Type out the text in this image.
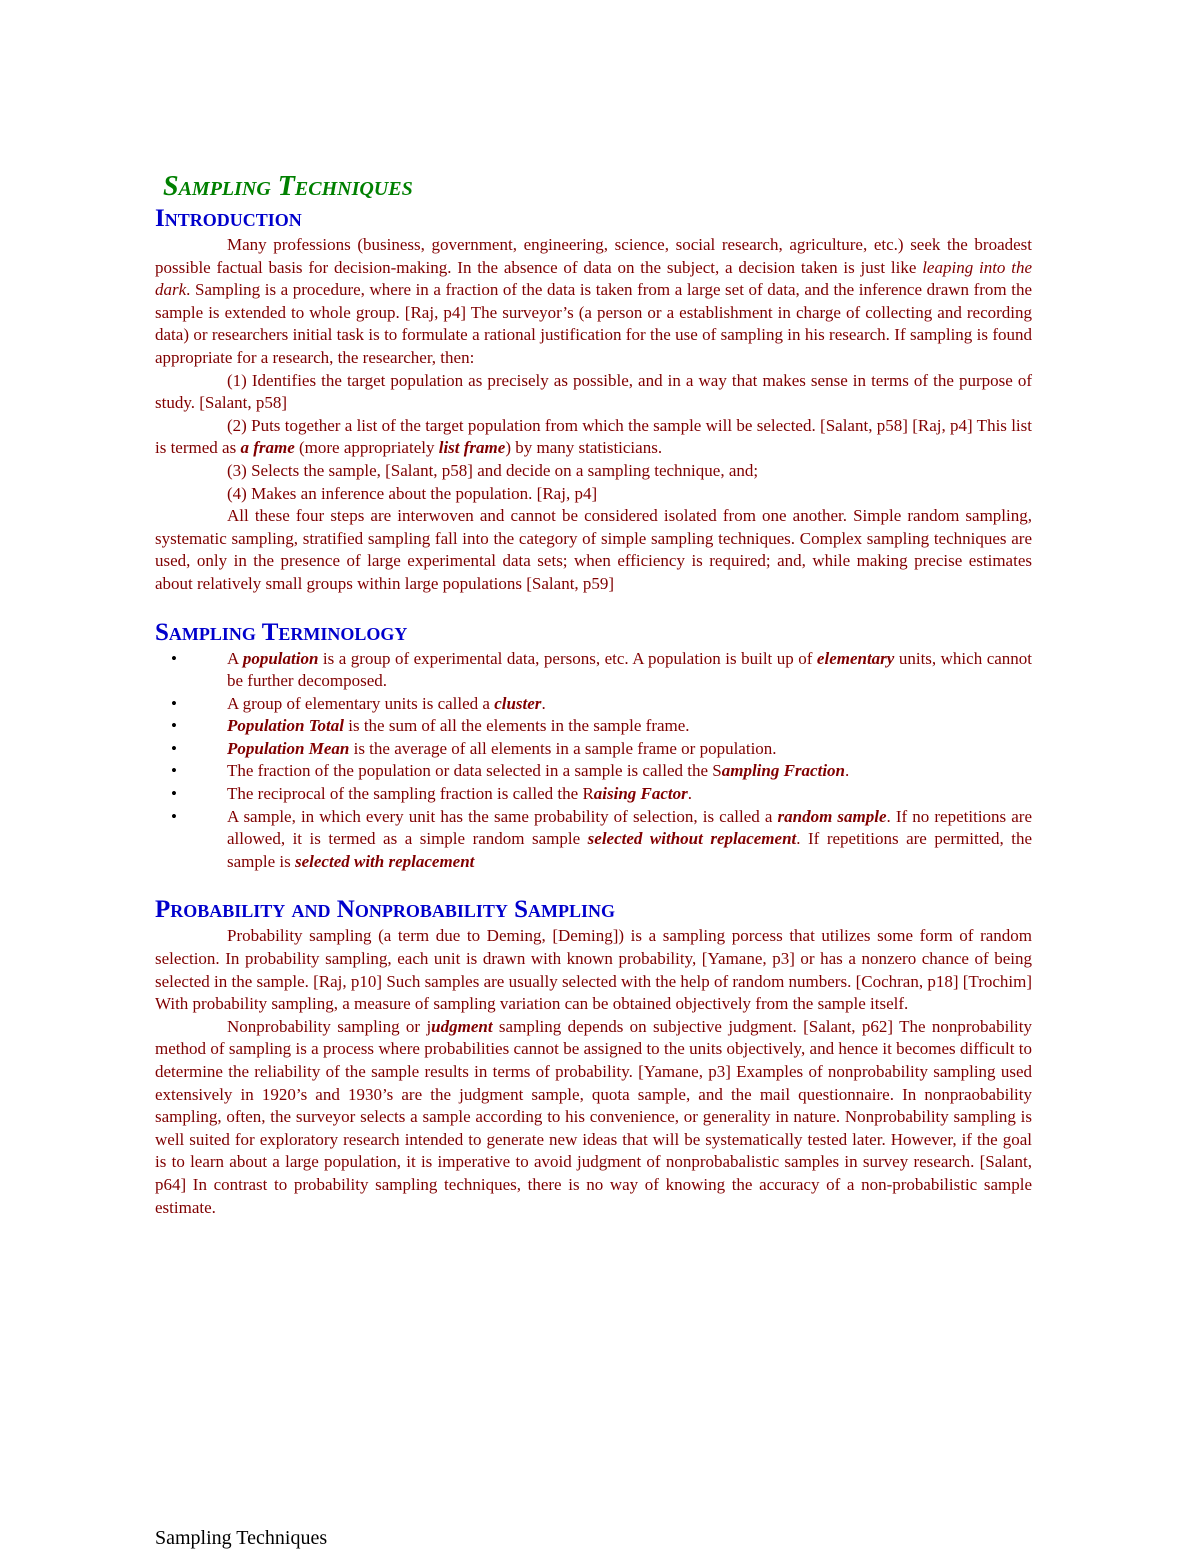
Sampling Techniques
Introduction

Many professions (business, government, engineering, science, social research, agriculture, etc.) seek the broadest possible factual basis for decision-making. In the absence of data on the subject, a decision taken is just like leaping into the dark. Sampling is a procedure, where in a fraction of the data is taken from a large set of data, and the inference drawn from the sample is extended to whole group. [Raj, p4] The surveyor’s (a person or a establishment in charge of collecting and recording data) or researchers initial task is to formulate a rational justification for the use of sampling in his research. If sampling is found appropriate for a research, the researcher, then:

(1) Identifies the target population as precisely as possible, and in a way that makes sense in terms of the purpose of study. [Salant, p58]

(2) Puts together a list of the target population from which the sample will be selected. [Salant, p58] [Raj, p4] This list is termed as a frame (more appropriately list frame) by many statisticians.

(3) Selects the sample, [Salant, p58] and decide on a sampling technique, and;

(4) Makes an inference about the population. [Raj, p4]

All these four steps are interwoven and cannot be considered isolated from one another. Simple random sampling, systematic sampling, stratified sampling fall into the category of simple sampling techniques. Complex sampling techniques are used, only in the presence of large experimental data sets; when efficiency is required; and, while making precise estimates about relatively small groups within large populations [Salant, p59]

Sampling Terminology
• A population is a group of experimental data, persons, etc. A population is built up of elementary units, which cannot be further decomposed.
• A group of elementary units is called a cluster.
• Population Total is the sum of all the elements in the sample frame.
• Population Mean is the average of all elements in a sample frame or population.
• The fraction of the population or data selected in a sample is called the Sampling Fraction.
• The reciprocal of the sampling fraction is called the Raising Factor.
• A sample, in which every unit has the same probability of selection, is called a random sample. If no repetitions are allowed, it is termed as a simple random sample selected without replacement. If repetitions are permitted, the sample is selected with replacement
Probability and Nonprobability Sampling

Probability sampling (a term due to Deming, [Deming]) is a sampling porcess that utilizes some form of random selection. In probability sampling, each unit is drawn with known probability, [Yamane, p3] or has a nonzero chance of being selected in the sample. [Raj, p10] Such samples are usually selected with the help of random numbers. [Cochran, p18] [Trochim] With probability sampling, a measure of sampling variation can be obtained objectively from the sample itself.

Nonprobability sampling or judgment sampling depends on subjective judgment. [Salant, p62] The nonprobability method of sampling is a process where probabilities cannot be assigned to the units objectively, and hence it becomes difficult to determine the reliability of the sample results in terms of probability. [Yamane, p3] Examples of nonprobability sampling used extensively in 1920’s and 1930’s are the judgment sample, quota sample, and the mail questionnaire. In nonpraobability sampling, often, the surveyor selects a sample according to his convenience, or generality in nature. Nonprobability sampling is well suited for exploratory research intended to generate new ideas that will be systematically tested later. However, if the goal is to learn about a large population, it is imperative to avoid judgment of nonprobabalistic samples in survey research. [Salant, p64] In contrast to probability sampling techniques, there is no way of knowing the accuracy of a non-probabilistic sample estimate.

Sampling Techniques
